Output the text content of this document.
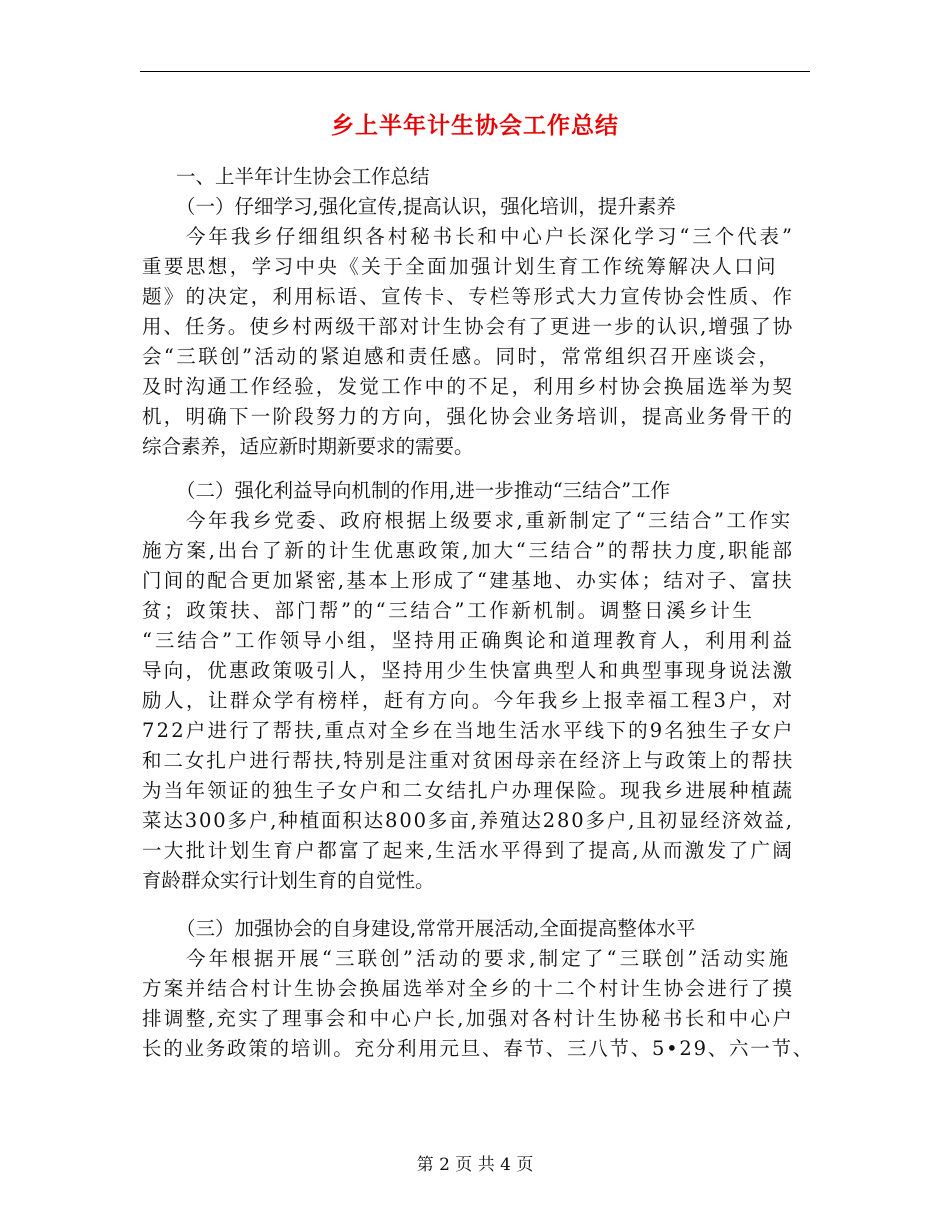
乡上半年计生协会工作总结
一、上半年计生协会工作总结
（一）仔细学习,强化宣传,提高认识，强化培训，提升素养
今年我乡仔细组织各村秘书长和中心户长深化学习“三个代表”
重要思想，学习中央《关于全面加强计划生育工作统筹解决人口问
题》的决定，利用标语、宣传卡、专栏等形式大力宣传协会性质、作
用、任务。使乡村两级干部对计生协会有了更进一步的认识,增强了协
会“三联创”活动的紧迫感和责任感。同时，常常组织召开座谈会，
及时沟通工作经验，发觉工作中的不足，利用乡村协会换届选举为契
机，明确下一阶段努力的方向，强化协会业务培训，提高业务骨干的
综合素养，适应新时期新要求的需要。
（二）强化利益导向机制的作用,进一步推动“三结合”工作
今年我乡党委、政府根据上级要求,重新制定了“三结合”工作实
施方案,出台了新的计生优惠政策,加大“三结合”的帮扶力度,职能部
门间的配合更加紧密,基本上形成了“建基地、办实体；结对子、富扶
贫；政策扶、部门帮”的“三结合”工作新机制。调整日溪乡计生
“三结合”工作领导小组，坚持用正确舆论和道理教育人，利用利益
导向，优惠政策吸引人，坚持用少生快富典型人和典型事现身说法激
励人，让群众学有榜样，赶有方向。今年我乡上报幸福工程3户，对
722户进行了帮扶,重点对全乡在当地生活水平线下的9名独生子女户
和二女扎户进行帮扶,特别是注重对贫困母亲在经济上与政策上的帮扶
为当年领证的独生子女户和二女结扎户办理保险。现我乡进展种植蔬
菜达300多户,种植面积达800多亩,养殖达280多户,且初显经济效益,
一大批计划生育户都富了起来,生活水平得到了提高,从而激发了广阔
育龄群众实行计划生育的自觉性。
（三）加强协会的自身建设,常常开展活动,全面提高整体水平
今年根据开展“三联创”活动的要求,制定了“三联创”活动实施
方案并结合村计生协会换届选举对全乡的十二个村计生协会进行了摸
排调整,充实了理事会和中心户长,加强对各村计生协秘书长和中心户
长的业务政策的培训。充分利用元旦、春节、三八节、5•29、六一节、
第 2 页 共 4 页
